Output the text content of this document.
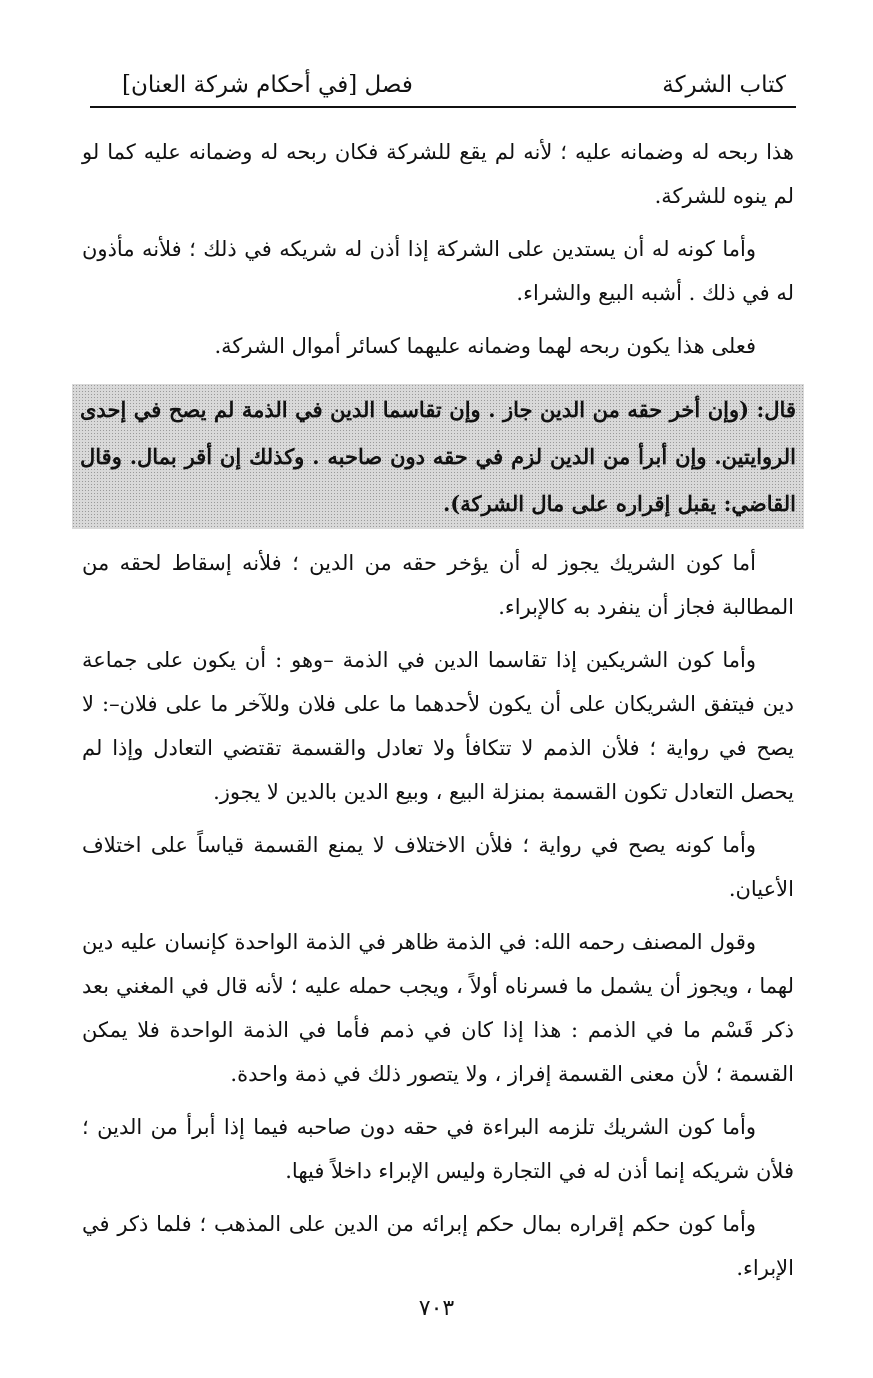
كتاب الشركة
فصل [في أحكام شركة العنان]

هذا ربحه له وضمانه عليه ؛ لأنه لم يقع للشركة فكان ربحه له وضمانه عليه كما لو لم ينوه للشركة.

وأما كونه له أن يستدين على الشركة إذا أذن له شريكه في ذلك ؛ فلأنه مأذون له في ذلك . أشبه البيع والشراء.

فعلى هذا يكون ربحه لهما وضمانه عليهما كسائر أموال الشركة.

قال: (وإن أخر حقه من الدين جاز . وإن تقاسما الدين في الذمة لم يصح في إحدى الروايتين. وإن أبرأ من الدين لزم في حقه دون صاحبه . وكذلك إن أقر بمال. وقال القاضي: يقبل إقراره على مال الشركة).

أما كون الشريك يجوز له أن يؤخر حقه من الدين ؛ فلأنه إسقاط لحقه من المطالبة فجاز أن ينفرد به كالإبراء.

وأما كون الشريكين إذا تقاسما الدين في الذمة –وهو : أن يكون على جماعة دين فيتفق الشريكان على أن يكون لأحدهما ما على فلان وللآخر ما على فلان–: لا يصح في رواية ؛ فلأن الذمم لا تتكافأ ولا تعادل والقسمة تقتضي التعادل وإذا لم يحصل التعادل تكون القسمة بمنزلة البيع ، وبيع الدين بالدين لا يجوز.

وأما كونه يصح في رواية ؛ فلأن الاختلاف لا يمنع القسمة قياساً على اختلاف الأعيان.

وقول المصنف رحمه الله: في الذمة ظاهر في الذمة الواحدة كإنسان عليه دين لهما ، ويجوز أن يشمل ما فسرناه أولاً ، ويجب حمله عليه ؛ لأنه قال في المغني بعد ذكر قَسْم ما في الذمم : هذا إذا كان في ذمم فأما في الذمة الواحدة فلا يمكن القسمة ؛ لأن معنى القسمة إفراز ، ولا يتصور ذلك في ذمة واحدة.

وأما كون الشريك تلزمه البراءة في حقه دون صاحبه فيما إذا أبرأ من الدين ؛ فلأن شريكه إنما أذن له في التجارة وليس الإبراء داخلاً فيها.

وأما كون حكم إقراره بمال حكم إبرائه من الدين على المذهب ؛ فلما ذكر في الإبراء.

٧٠٣
